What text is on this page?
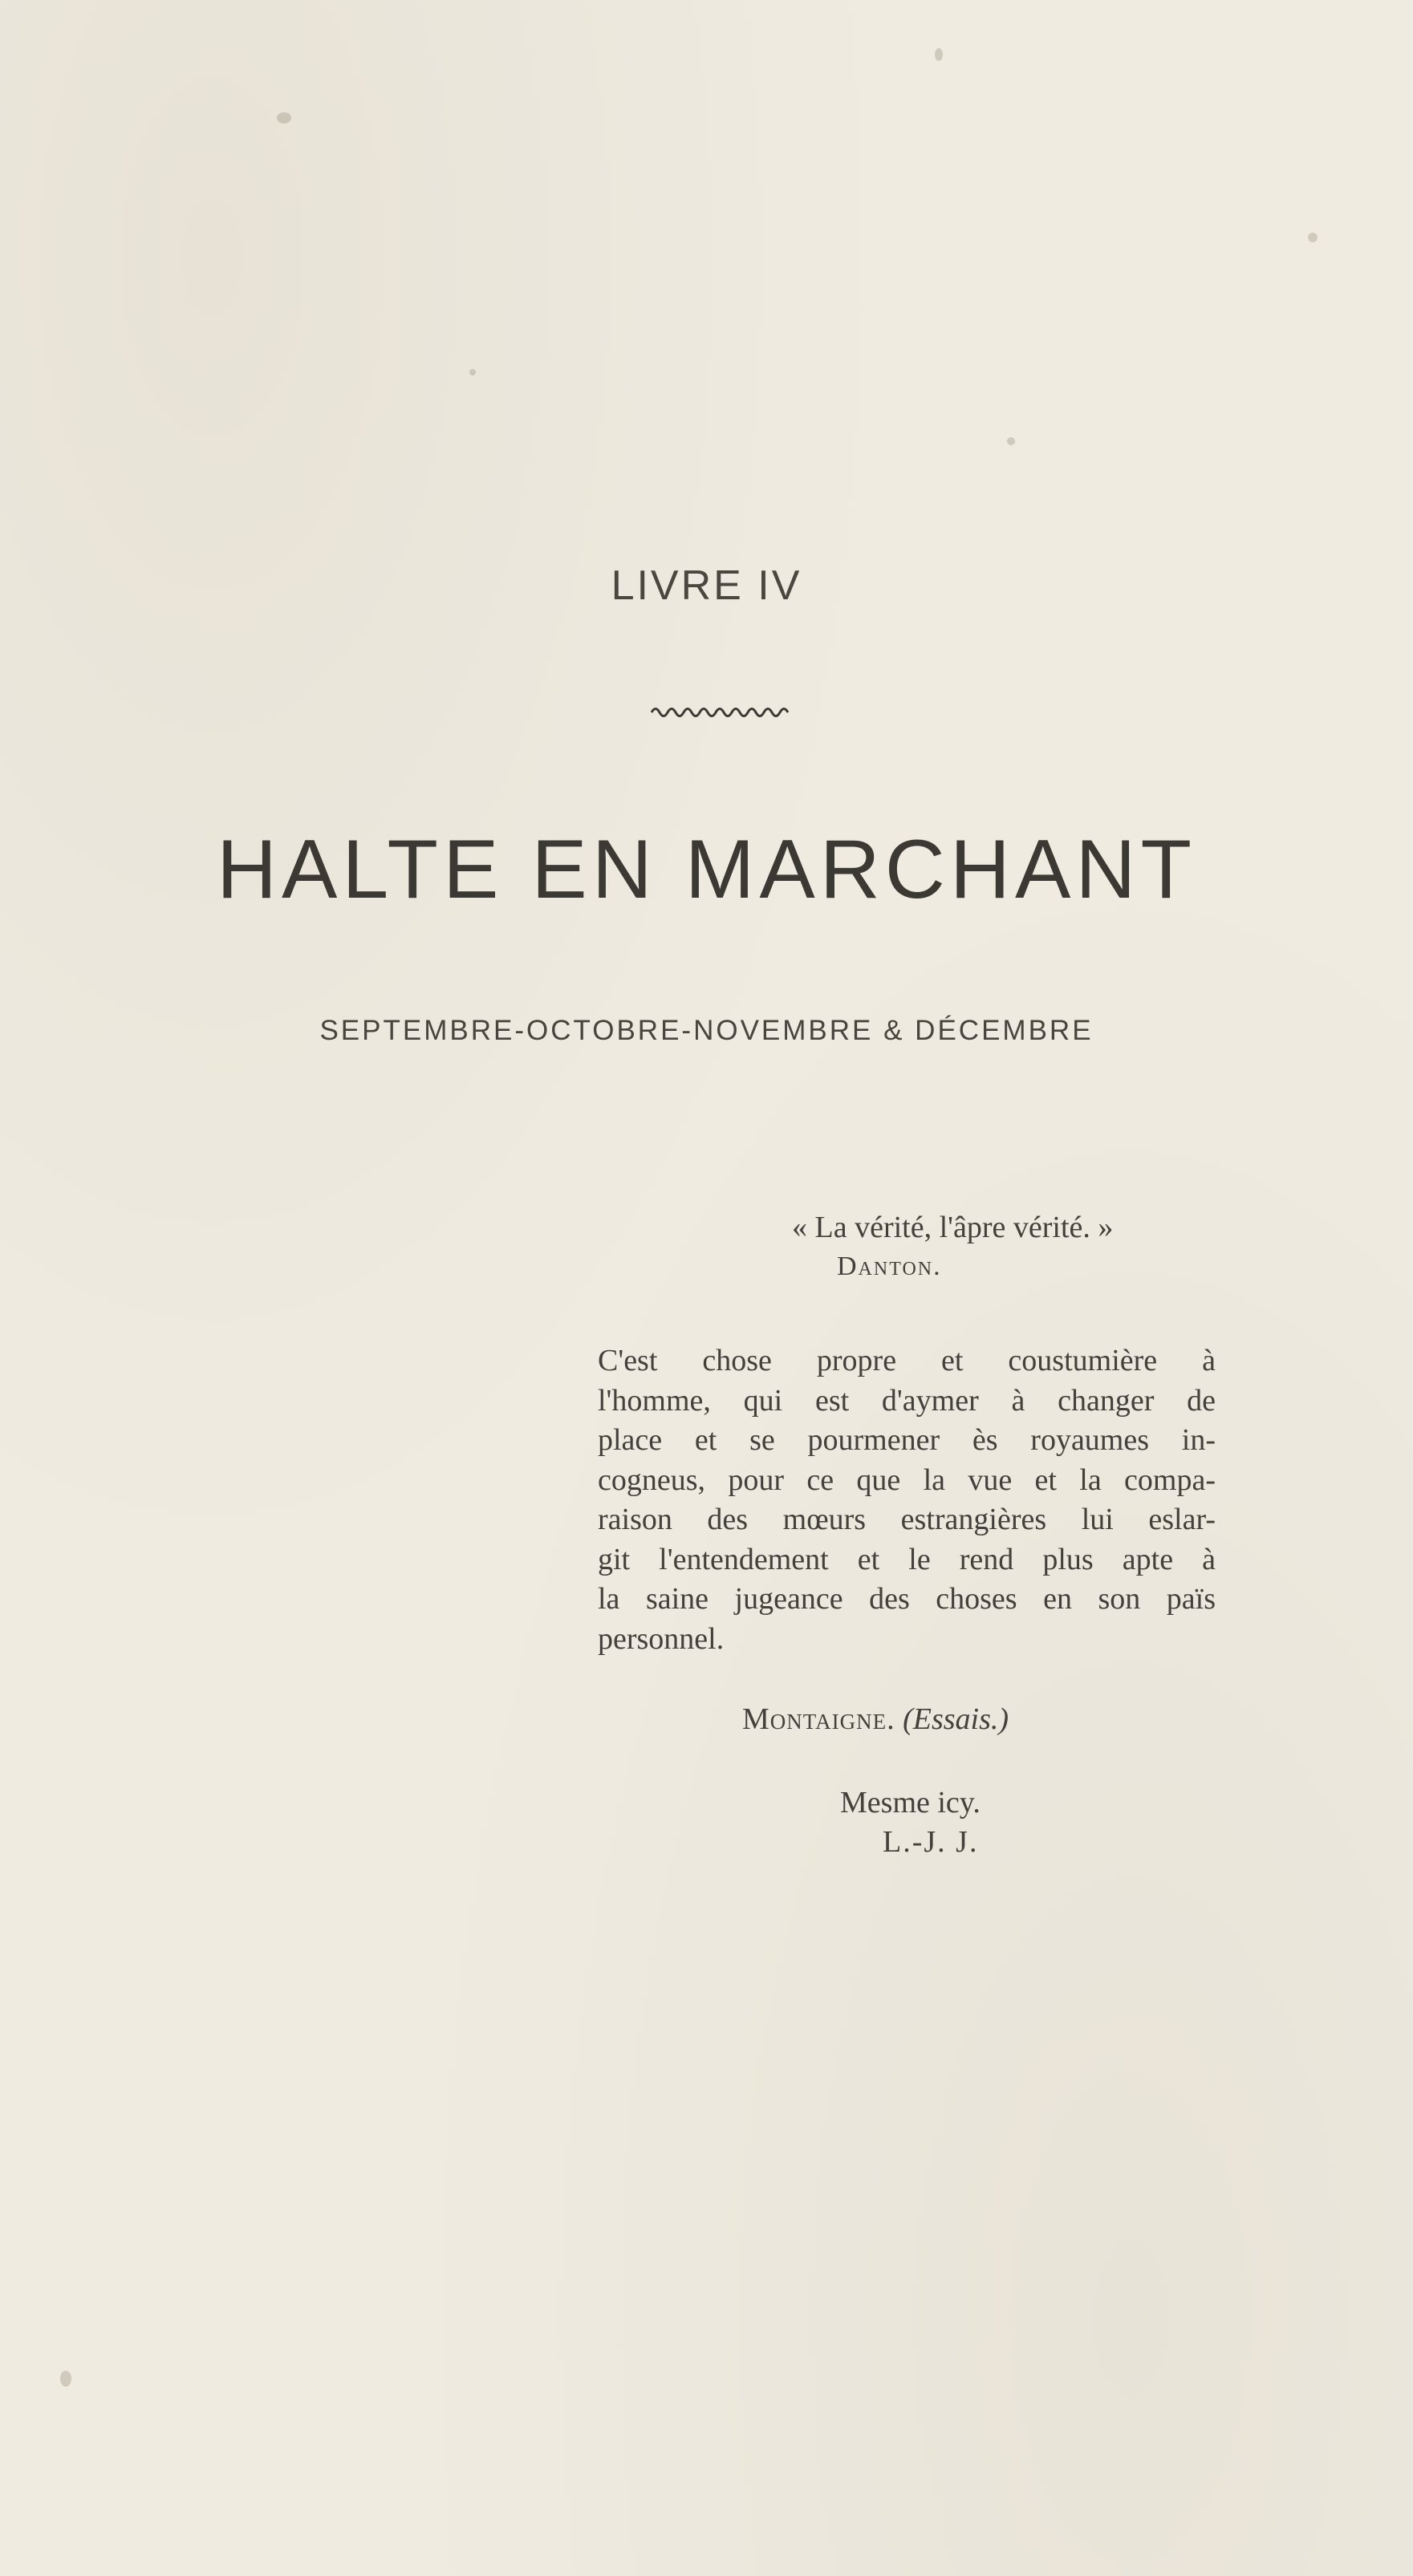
LIVRE IV
HALTE EN MARCHANT
SEPTEMBRE-OCTOBRE-NOVEMBRE & DÉCEMBRE
« La vérité, l'âpre vérité. »
Danton.
C'est chose propre et coustumière à
l'homme, qui est d'aymer à changer de
place et se pourmener ès royaumes in-
cogneus, pour ce que la vue et la compa-
raison des mœurs estrangières lui eslar-
git l'entendement et le rend plus apte à
la saine jugeance des choses en son païs
personnel.
Montaigne. (Essais.)
Mesme icy.
L.-J. J.
